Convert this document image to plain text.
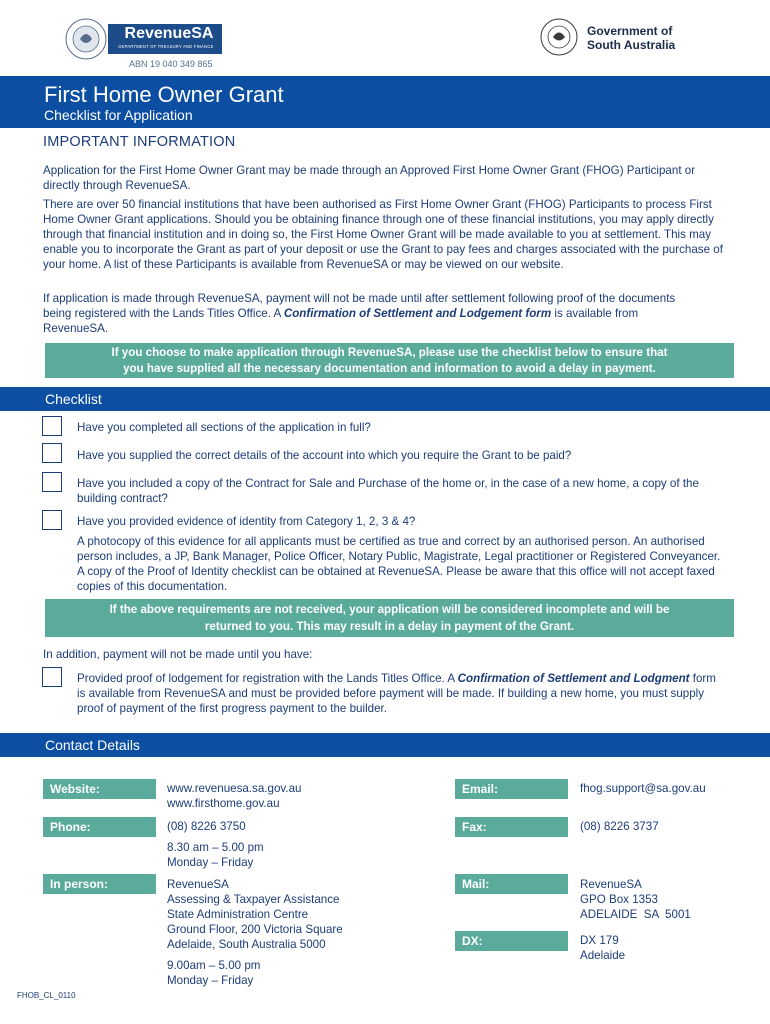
RevenueSA
DEPARTMENT OF TREASURY AND FINANCE
ABN 19 040 349 865
Government of
South Australia
First Home Owner Grant
Checklist for Application
IMPORTANT INFORMATION

Application for the First Home Owner Grant may be made through an Approved First Home Owner Grant (FHOG) Participant or directly through RevenueSA.

There are over 50 financial institutions that have been authorised as First Home Owner Grant (FHOG) Participants to process First Home Owner Grant applications. Should you be obtaining finance through one of these financial institutions, you may apply directly through that financial institution and in doing so, the First Home Owner Grant will be made available to you at settlement. This may enable you to incorporate the Grant as part of your deposit or use the Grant to pay fees and charges associated with the purchase of your home. A list of these Participants is available from RevenueSA or may be viewed on our website.

If application is made through RevenueSA, payment will not be made until after settlement following proof of the documents being registered with the Lands Titles Office. A Confirmation of Settlement and Lodgement form is available from RevenueSA.

If you choose to make application through RevenueSA, please use the checklist below to ensure that
you have supplied all the necessary documentation and information to avoid a delay in payment.
Checklist
Have you completed all sections of the application in full?
Have you supplied the correct details of the account into which you require the Grant to be paid?
Have you included a copy of the Contract for Sale and Purchase of the home or, in the case of a new home, a copy of the building contract?
Have you provided evidence of identity from Category 1, 2, 3 & 4?
A photocopy of this evidence for all applicants must be certified as true and correct by an authorised person. An authorised person includes, a JP, Bank Manager, Police Officer, Notary Public, Magistrate, Legal practitioner or Registered Conveyancer. A copy of the Proof of Identity checklist can be obtained at RevenueSA. Please be aware that this office will not accept faxed copies of this documentation.
If the above requirements are not received, your application will be considered incomplete and will be
returned to you. This may result in a delay in payment of the Grant.
In addition, payment will not be made until you have:
Provided proof of lodgement for registration with the Lands Titles Office. A Confirmation of Settlement and Lodgment form is available from RevenueSA and must be provided before payment will be made. If building a new home, you must supply proof of payment of the first progress payment to the builder.
Contact Details
Website:	www.revenuesa.sa.gov.au
www.firsthome.gov.au
Email:	fhog.support@sa.gov.au
Phone:	(08) 8226 3750
8.30 am – 5.00 pm
Monday – Friday
Fax:	(08) 8226 3737
In person:	RevenueSA
Assessing & Taxpayer Assistance
State Administration Centre
Ground Floor, 200 Victoria Square
Adelaide, South Australia 5000
9.00am – 5.00 pm
Monday – Friday
Mail:	RevenueSA
GPO Box 1353
ADELAIDE  SA  5001
DX:	DX 179
Adelaide
FHOB_CL_0110
